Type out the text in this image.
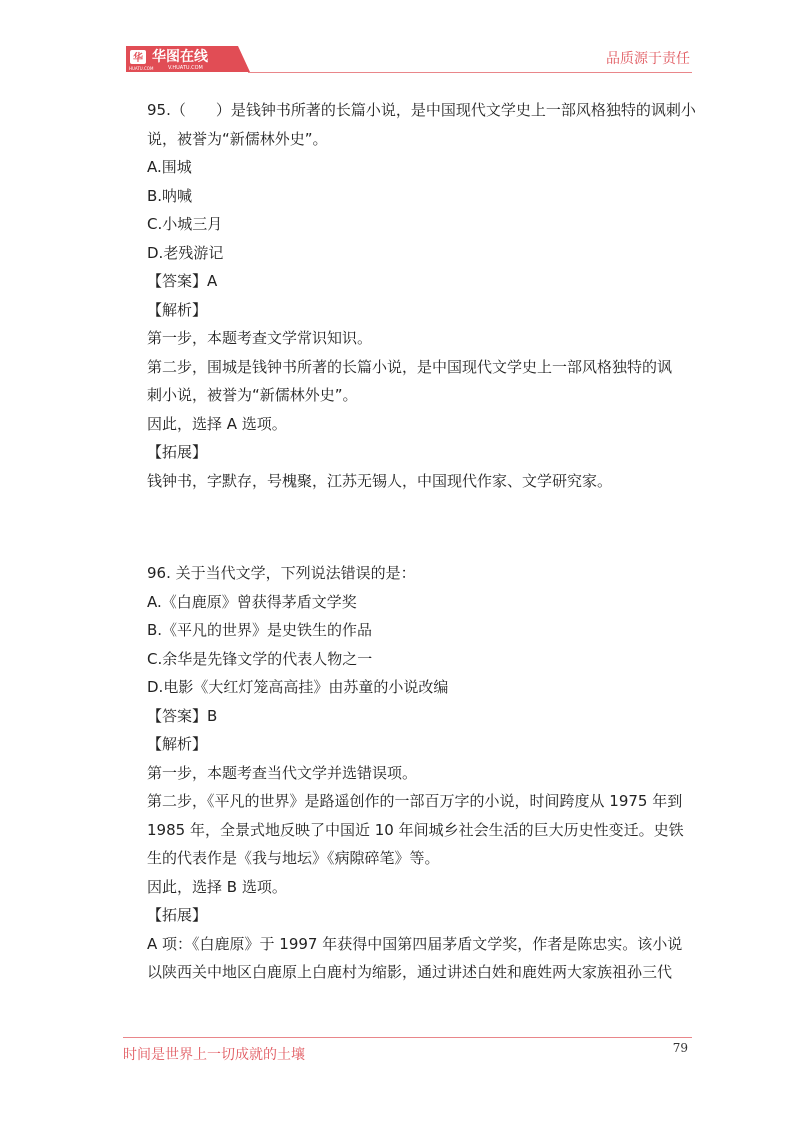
华
HUATU.COM
华图在线
V.HUATU.COM
品质源于责任
95.（　　）是钱钟书所著的长篇小说，是中国现代文学史上一部风格独特的讽刺小
说，被誉为“新儒林外史”。
A.围城
B.呐喊
C.小城三月
D.老残游记
【答案】A
【解析】
第一步，本题考查文学常识知识。
第二步，围城是钱钟书所著的长篇小说，是中国现代文学史上一部风格独特的讽
刺小说，被誉为“新儒林外史”。
因此，选择 A 选项。
【拓展】
钱钟书，字默存，号槐聚，江苏无锡人，中国现代作家、文学研究家。
96. 关于当代文学，下列说法错误的是：
A.《白鹿原》曾获得茅盾文学奖
B.《平凡的世界》是史铁生的作品
C.余华是先锋文学的代表人物之一
D.电影《大红灯笼高高挂》由苏童的小说改编
【答案】B
【解析】
第一步，本题考查当代文学并选错误项。
第二步，《平凡的世界》是路遥创作的一部百万字的小说，时间跨度从 1975 年到
1985 年，全景式地反映了中国近 10 年间城乡社会生活的巨大历史性变迁。史铁
生的代表作是《我与地坛》《病隙碎笔》等。
因此，选择 B 选项。
【拓展】
A 项：《白鹿原》于 1997 年获得中国第四届茅盾文学奖，作者是陈忠实。该小说
以陕西关中地区白鹿原上白鹿村为缩影，通过讲述白姓和鹿姓两大家族祖孙三代
时间是世界上一切成就的土壤	79
